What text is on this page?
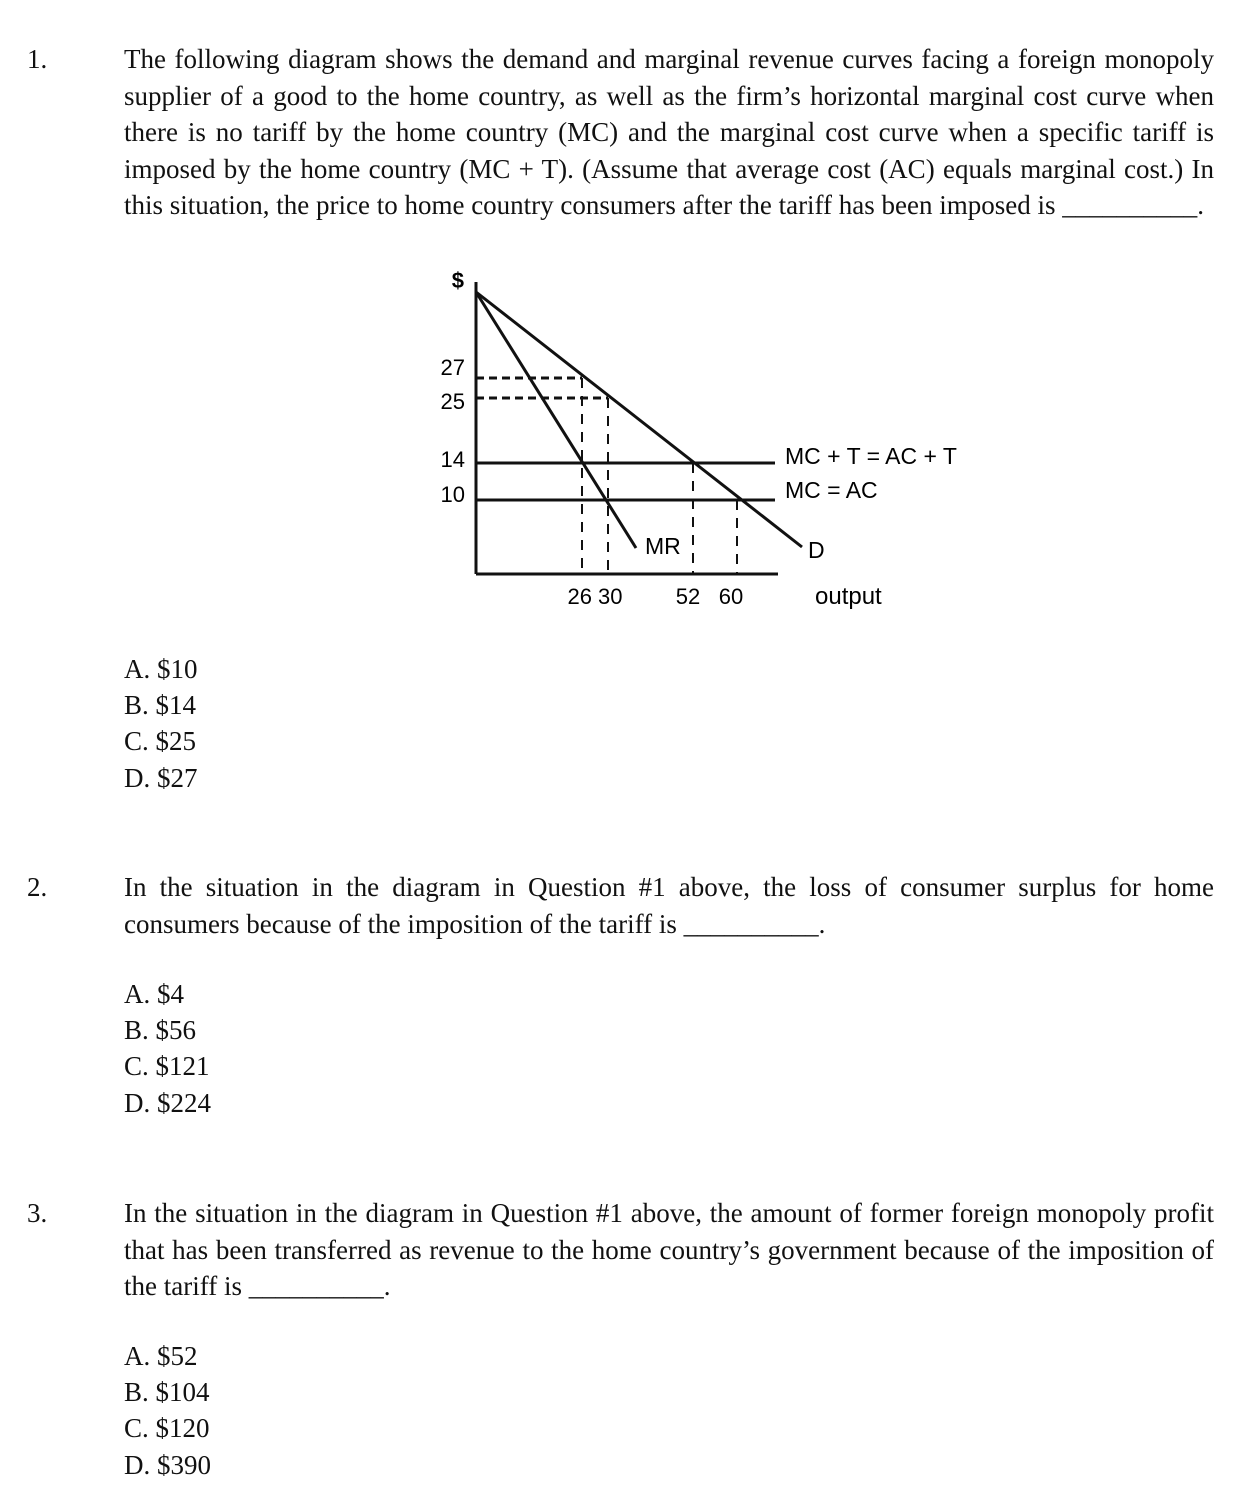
1.	The following diagram shows the demand and marginal revenue curves facing a foreign monopoly supplier of a good to the home country, as well as the firm’s horizontal marginal cost curve when there is no tariff by the home country (MC) and the marginal cost curve when a specific tariff is imposed by the home country (MC + T). (Assume that average cost (AC) equals marginal cost.) In this situation, the price to home country consumers after the tariff has been imposed is __________.
$
output
27
25
14
10
26 30 52 60
MC + T = AC + T
MC = AC
MR	D
A. $10
B. $14
C. $25
D. $27
2.	In the situation in the diagram in Question #1 above, the loss of consumer surplus for home consumers because of the imposition of the tariff is __________.
A. $4
B. $56
C. $121
D. $224
3.	In the situation in the diagram in Question #1 above, the amount of former foreign monopoly profit that has been transferred as revenue to the home country’s government because of the imposition of the tariff is __________.
A. $52
B. $104
C. $120
D. $390
